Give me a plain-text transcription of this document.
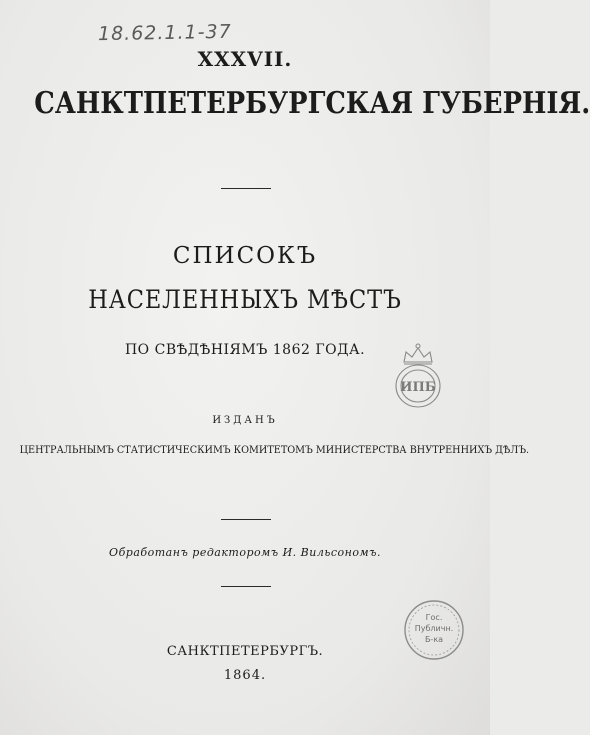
18.62.1.1-37
XXXVII.
САНКТПЕТЕРБУРГСКАЯ ГУБЕРНІЯ.
СПИСОКЪ
НАСЕЛЕННЫХЪ МѢСТЪ
ПО СВѢДѢНІЯМЪ 1862 ГОДА.
ИПБ
ИЗДАНЪ
ЦЕНТРАЛЬНЫМЪ СТАТИСТИЧЕСКИМЪ КОМИТЕТОМЪ МИНИСТЕРСТВА ВНУТРЕННИХЪ ДѢЛЪ.
Обработанъ редакторомъ И. Вильсономъ.
Гос.
Публичн.
Б-ка
САНКТПЕТЕРБУРГЪ.
1864.
